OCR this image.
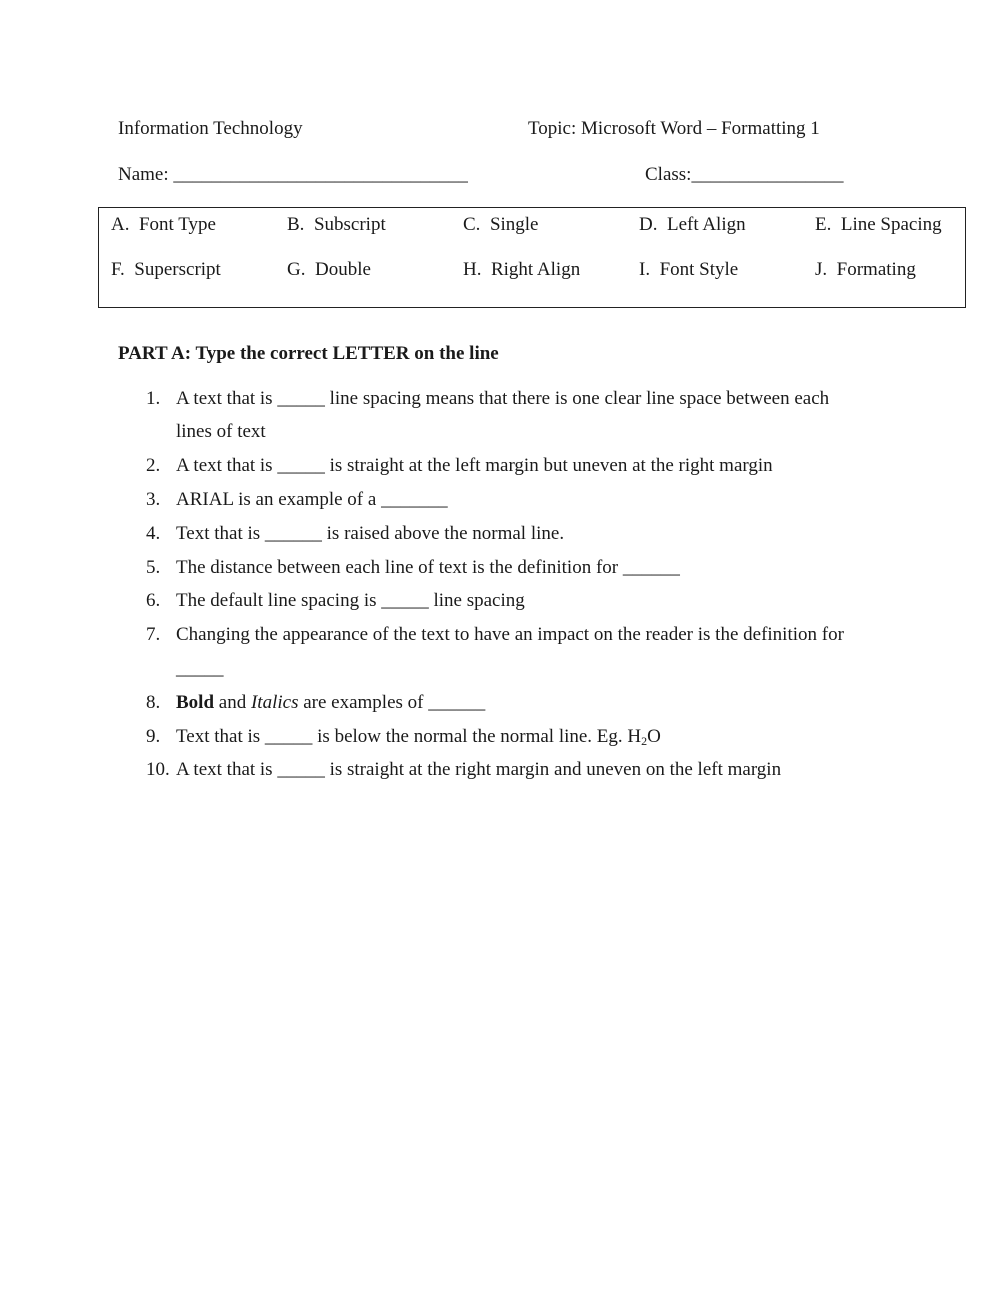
Information Technology	Topic: Microsoft Word – Formatting 1
Name: _______________________________	Class:________________
A. Font Type	B. Subscript	C. Single	D. Left Align	E. Line Spacing
F. Superscript	G. Double	H. Right Align	I. Font Style	J. Formating
PART A: Type the correct LETTER on the line
1. A text that is _____ line spacing means that there is one clear line space between each
lines of text
2. A text that is _____ is straight at the left margin but uneven at the right margin
3. ARIAL is an example of a _______
4. Text that is ______ is raised above the normal line.
5. The distance between each line of text is the definition for ______
6. The default line spacing is _____ line spacing
7. Changing the appearance of the text to have an impact on the reader is the definition for
_____
8. Bold and Italics are examples of ______
9. Text that is _____ is below the normal the normal line. Eg. $H_2O$
10. A text that is _____ is straight at the right margin and uneven on the left margin
